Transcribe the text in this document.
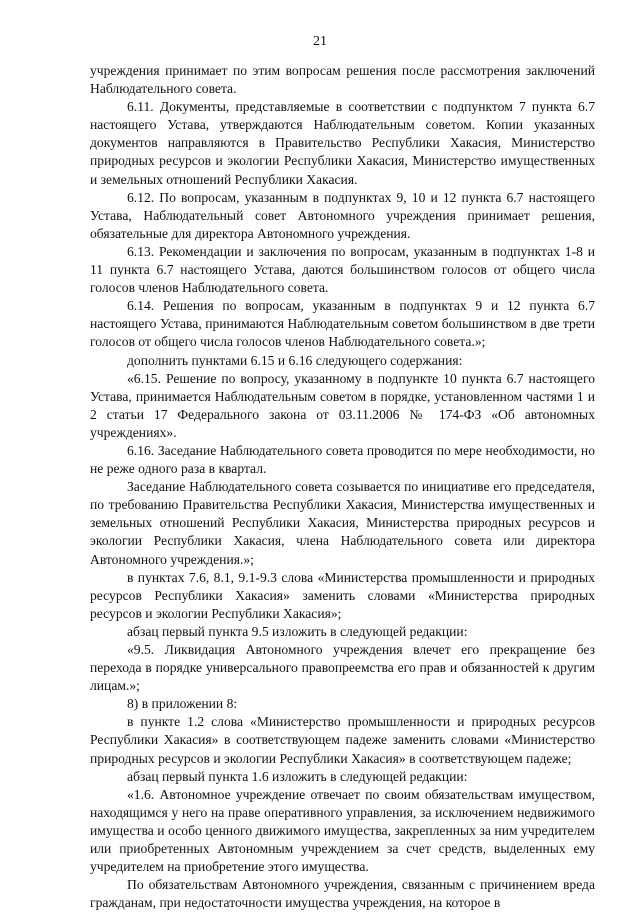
21

учреждения принимает по этим вопросам решения после рассмотрения заключений Наблюдательного совета.

6.11. Документы, представляемые в соответствии с подпунктом 7 пункта 6.7 настоящего Устава, утверждаются Наблюдательным советом. Копии указанных документов направляются в Правительство Республики Хакасия, Министерство природных ресурсов и экологии Республики Хакасия, Министерство имущественных и земельных отношений Республики Хакасия.

6.12. По вопросам, указанным в подпунктах 9, 10 и 12 пункта 6.7 настоящего Устава, Наблюдательный совет Автономного учреждения принимает решения, обязательные для директора Автономного учреждения.

6.13. Рекомендации и заключения по вопросам, указанным в подпунктах 1-8 и 11 пункта 6.7 настоящего Устава, даются большинством голосов от общего числа голосов членов Наблюдательного совета.

6.14. Решения по вопросам, указанным в подпунктах 9 и 12 пункта 6.7 настоящего Устава, принимаются Наблюдательным советом большинством в две трети голосов от общего числа голосов членов Наблюдательного совета.»;

дополнить пунктами 6.15 и 6.16 следующего содержания:

«6.15. Решение по вопросу, указанному в подпункте 10 пункта 6.7 настоящего Устава, принимается Наблюдательным советом в порядке, установленном частями 1 и 2 статьи 17 Федерального закона от 03.11.2006 № 174-ФЗ «Об автономных учреждениях».

6.16. Заседание Наблюдательного совета проводится по мере необходимости, но не реже одного раза в квартал.

Заседание Наблюдательного совета созывается по инициативе его председателя, по требованию Правительства Республики Хакасия, Министерства имущественных и земельных отношений Республики Хакасия, Министерства природных ресурсов и экологии Республики Хакасия, члена Наблюдательного совета или директора Автономного учреждения.»;

в пунктах 7.6, 8.1, 9.1-9.3 слова «Министерства промышленности и природных ресурсов Республики Хакасия» заменить словами «Министерства природных ресурсов и экологии Республики Хакасия»;

абзац первый пункта 9.5 изложить в следующей редакции:

«9.5. Ликвидация Автономного учреждения влечет его прекращение без перехода в порядке универсального правопреемства его прав и обязанностей к другим лицам.»;

8) в приложении 8:

в пункте 1.2 слова «Министерство промышленности и природных ресурсов Республики Хакасия» в соответствующем падеже заменить словами «Министерство природных ресурсов и экологии Республики Хакасия» в соответствующем падеже;

абзац первый пункта 1.6 изложить в следующей редакции:

«1.6. Автономное учреждение отвечает по своим обязательствам имуществом, находящимся у него на праве оперативного управления, за исключением недвижимого имущества и особо ценного движимого имущества, закрепленных за ним учредителем или приобретенных Автономным учреждением за счет средств, выделенных ему учредителем на приобретение этого имущества.

По обязательствам Автономного учреждения, связанным с причинением вреда гражданам, при недостаточности имущества учреждения, на которое в
